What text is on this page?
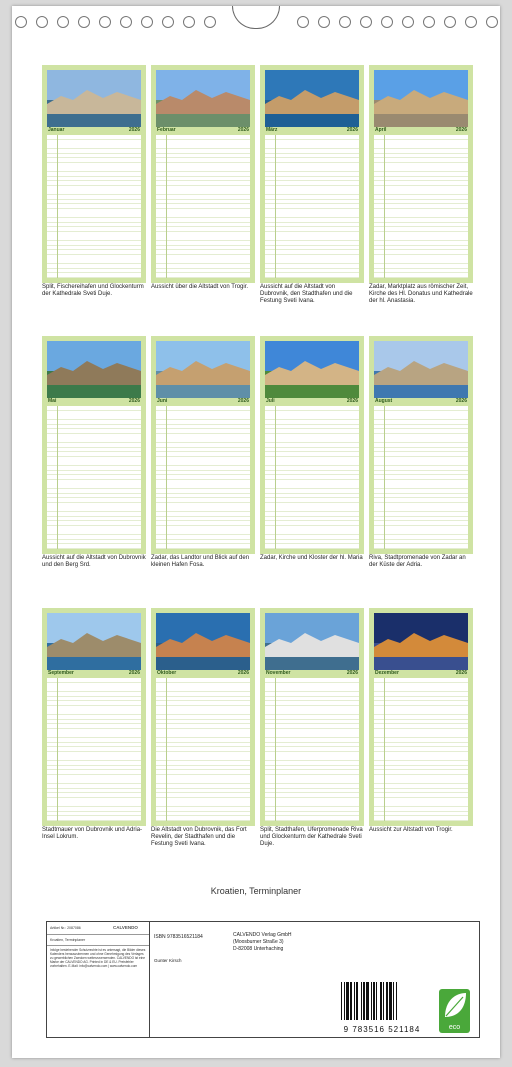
Januar	2026
Split, Fischereihafen und Glockenturm der Kathedrale Sveti Duje.
Februar	2026
Aussicht über die Altstadt von Trogir.
März	2026
Aussicht auf die Altstadt von Dubrovnik, den Stadthafen und die Festung Sveti Ivana.
April	2026
Zadar, Marktplatz aus römischer Zeit, Kirche des Hl. Donatus und Kathedrale der hl. Anastasia.
Mai	2026
Aussicht auf die Altstadt von Dubrovnik und den Berg Srd.
Juni	2026
Zadar, das Landtor und Blick auf den kleinen Hafen Fosa.
Juli	2026
Zadar, Kirche und Kloster der hl. Maria
August	2026
Riva, Stadtpromenade von Zadar an der Küste der Adria.
September	2026
Stadtmauer von Dubrovnik und Adria-Insel Lokrum.
Oktober	2026
Die Altstadt von Dubrovnik, das Fort Revelin, der Stadthafen und die Festung Sveti Ivana.
November	2026
Split, Stadthafen, Uferpromenade Riva und Glockenturm der Kathedrale Sveti Duje.
Dezember	2026
Aussicht zur Altstadt von Trogir.
Kroatien, Terminplaner
Artikel Nr.: 2087086	CALVENDO
Kroatien, Terminplaner
Infolge bestehender Schutzrechte ist es untersagt, die Bilder dieses Kalenders herauszutrennen und ohne Genehmigung des Verlages zu gewerblichen Zwecken weiterzuverwenden. CALVENDO ist eine Marke der CALVENDO AG. Printed in DE & EU. Preisfehler vorbehalten. E-Mail: info@calvendo.com | www.calvendo.com
ISBN 9783516521184
Gunter Kirsch
CALVENDO Verlag GmbH
(Moosburner Straße 3)
D-82008 Unterhaching
9 783516 521184	eco
